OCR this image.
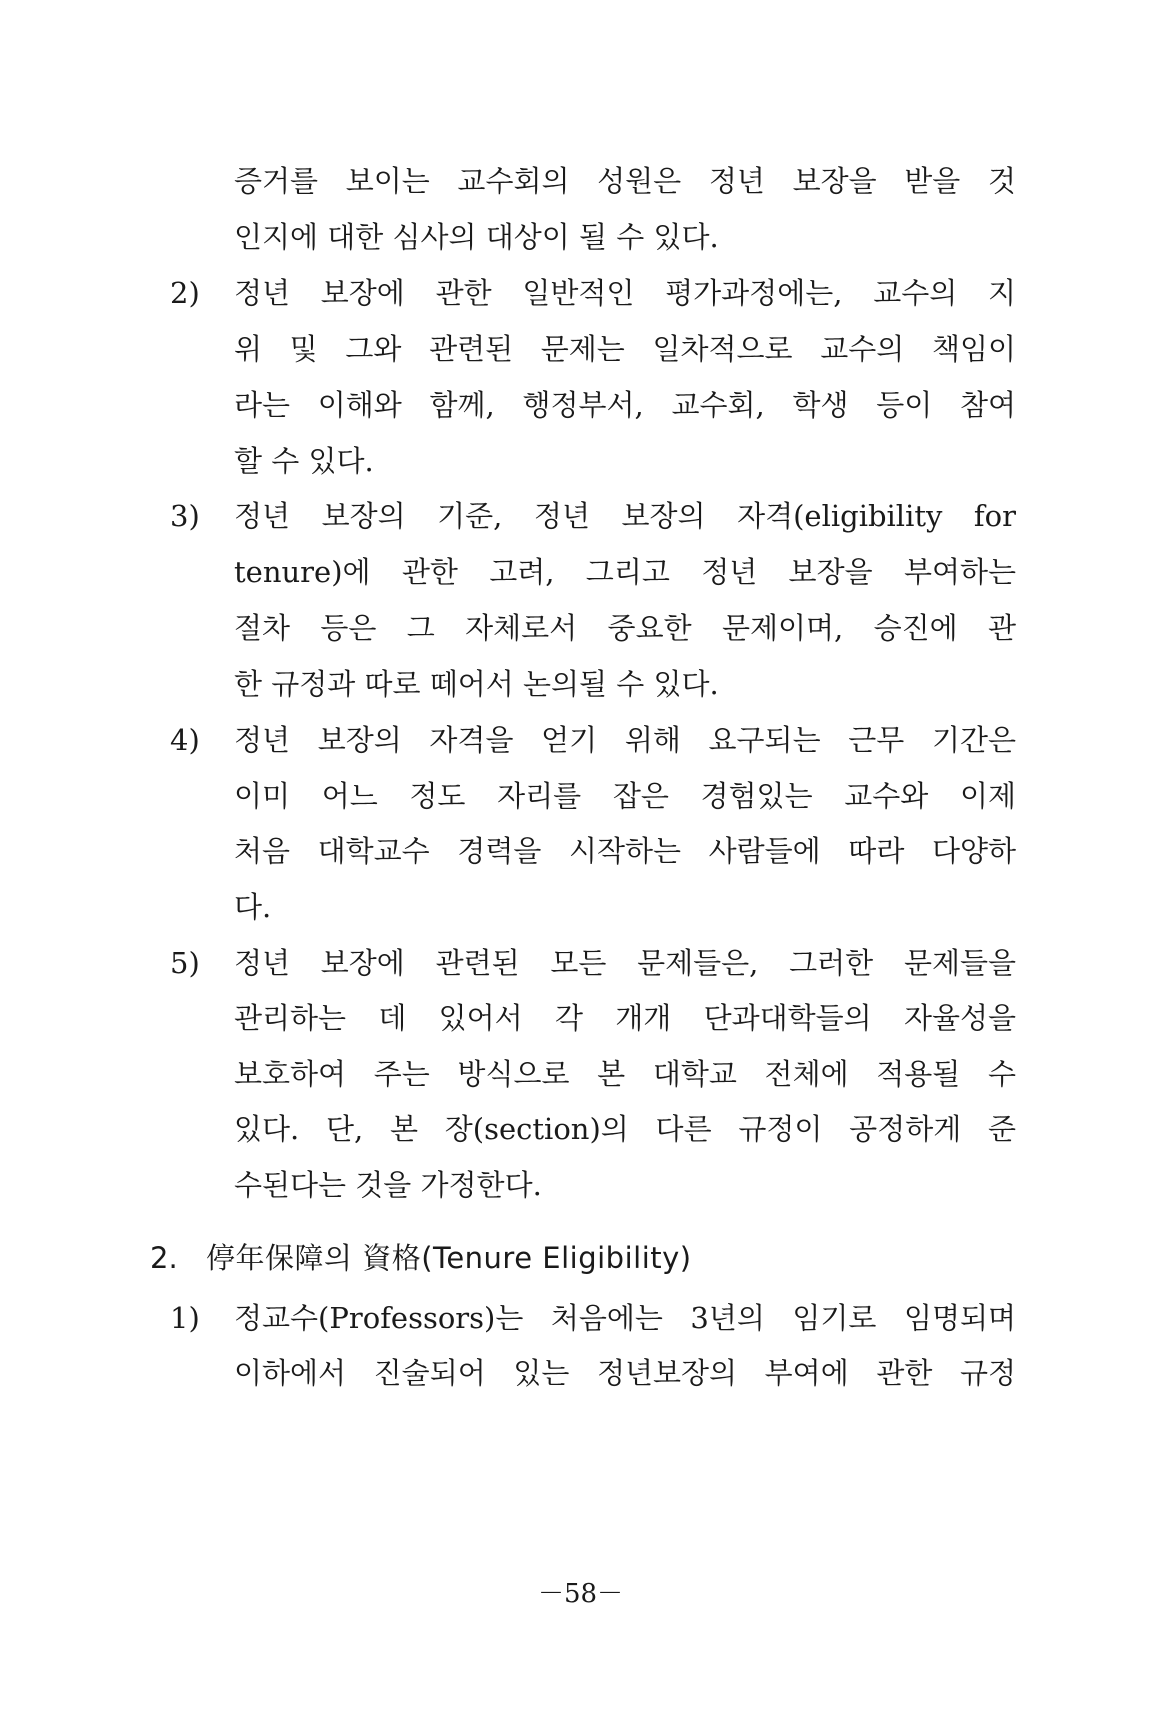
증거를 보이는 교수회의 성원은 정년 보장을 받을 것
인지에 대한 심사의 대상이 될 수 있다.
2) 정년 보장에 관한 일반적인 평가과정에는, 교수의 지
위 및 그와 관련된 문제는 일차적으로 교수의 책임이
라는 이해와 함께, 행정부서, 교수회, 학생 등이 참여
할 수 있다.
3) 정년 보장의 기준, 정년 보장의 자격(eligibility for
tenure)에 관한 고려, 그리고 정년 보장을 부여하는
절차 등은 그 자체로서 중요한 문제이며, 승진에 관
한 규정과 따로 떼어서 논의될 수 있다.
4) 정년 보장의 자격을 얻기 위해 요구되는 근무 기간은
이미 어느 정도 자리를 잡은 경험있는 교수와 이제
처음 대학교수 경력을 시작하는 사람들에 따라 다양하
다.
5) 정년 보장에 관련된 모든 문제들은, 그러한 문제들을
관리하는 데 있어서 각 개개 단과대학들의 자율성을
보호하여 주는 방식으로 본 대학교 전체에 적용될 수
있다. 단, 본 장(section)의 다른 규정이 공정하게 준
수된다는 것을 가정한다.
2. 停年保障의 資格(Tenure Eligibility)
1) 정교수(Professors)는 처음에는 3년의 임기로 임명되며
이하에서 진술되어 있는 정년보장의 부여에 관한 규정
－58－
